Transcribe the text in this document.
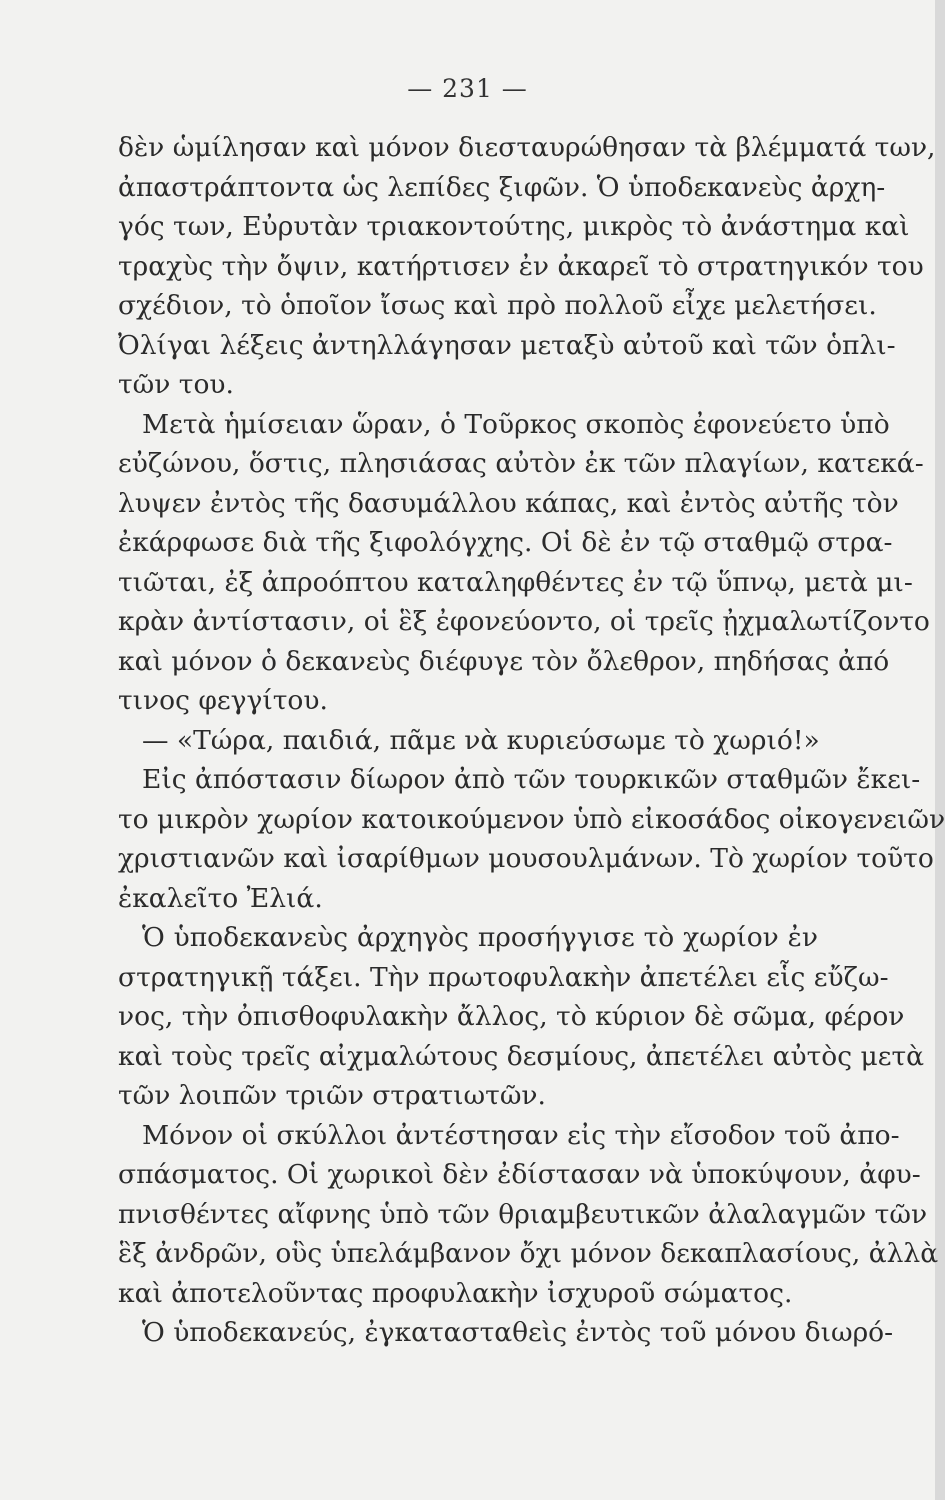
— 231 —
δὲν ὡμίλησαν καὶ μόνον διεσταυρώθησαν τὰ βλέμματά των,
ἀπαστράπτοντα ὡς λεπίδες ξιφῶν. Ὁ ὑποδεκανεὺς ἀρχη-
γός των, Εὐρυτὰν τριακοντούτης, μικρὸς τὸ ἀνάστημα καὶ
τραχὺς τὴν ὄψιν, κατήρτισεν ἐν ἀκαρεῖ τὸ στρατηγικόν του
σχέδιον, τὸ ὁποῖον ἴσως καὶ πρὸ πολλοῦ εἶχε μελετήσει.
Ὀλίγαι λέξεις ἀντηλλάγησαν μεταξὺ αὐτοῦ καὶ τῶν ὁπλι-
τῶν του.
Μετὰ ἡμίσειαν ὥραν, ὁ Τοῦρκος σκοπὸς ἐφονεύετο ὑπὸ
εὐζώνου, ὅστις, πλησιάσας αὐτὸν ἐκ τῶν πλαγίων, κατεκά-
λυψεν ἐντὸς τῆς δασυμάλλου κάπας, καὶ ἐντὸς αὐτῆς τὸν
ἐκάρφωσε διὰ τῆς ξιφολόγχης. Οἱ δὲ ἐν τῷ σταθμῷ στρα-
τιῶται, ἐξ ἀπροόπτου καταληφθέντες ἐν τῷ ὕπνῳ, μετὰ μι-
κρὰν ἀντίστασιν, οἱ ἓξ ἐφονεύοντο, οἱ τρεῖς ᾐχμαλωτίζοντο
καὶ μόνον ὁ δεκανεὺς διέφυγε τὸν ὄλεθρον, πηδήσας ἀπό
τινος φεγγίτου.
— «Τώρα, παιδιά, πᾶμε νὰ κυριεύσωμε τὸ χωριό!»
Εἰς ἀπόστασιν δίωρον ἀπὸ τῶν τουρκικῶν σταθμῶν ἔκει-
το μικρὸν χωρίον κατοικούμενον ὑπὸ εἰκοσάδος οἰκογενειῶν
χριστιανῶν καὶ ἰσαρίθμων μουσουλμάνων. Τὸ χωρίον τοῦτο
ἐκαλεῖτο Ἐλιά.
Ὁ ὑποδεκανεὺς ἀρχηγὸς προσήγγισε τὸ χωρίον ἐν
στρατηγικῇ τάξει. Τὴν πρωτοφυλακὴν ἀπετέλει εἷς εὔζω-
νος, τὴν ὀπισθοφυλακὴν ἄλλος, τὸ κύριον δὲ σῶμα, φέρον
καὶ τοὺς τρεῖς αἰχμαλώτους δεσμίους, ἀπετέλει αὐτὸς μετὰ
τῶν λοιπῶν τριῶν στρατιωτῶν.
Μόνον οἱ σκύλλοι ἀντέστησαν εἰς τὴν εἴσοδον τοῦ ἀπο-
σπάσματος. Οἱ χωρικοὶ δὲν ἐδίστασαν νὰ ὑποκύψουν, ἀφυ-
πνισθέντες αἴφνης ὑπὸ τῶν θριαμβευτικῶν ἀλαλαγμῶν τῶν
ἓξ ἀνδρῶν, οὓς ὑπελάμβανον ὄχι μόνον δεκαπλασίους, ἀλλὰ
καὶ ἀποτελοῦντας προφυλακὴν ἰσχυροῦ σώματος.
Ὁ ὑποδεκανεύς, ἐγκατασταθεὶς ἐντὸς τοῦ μόνου διωρό-
